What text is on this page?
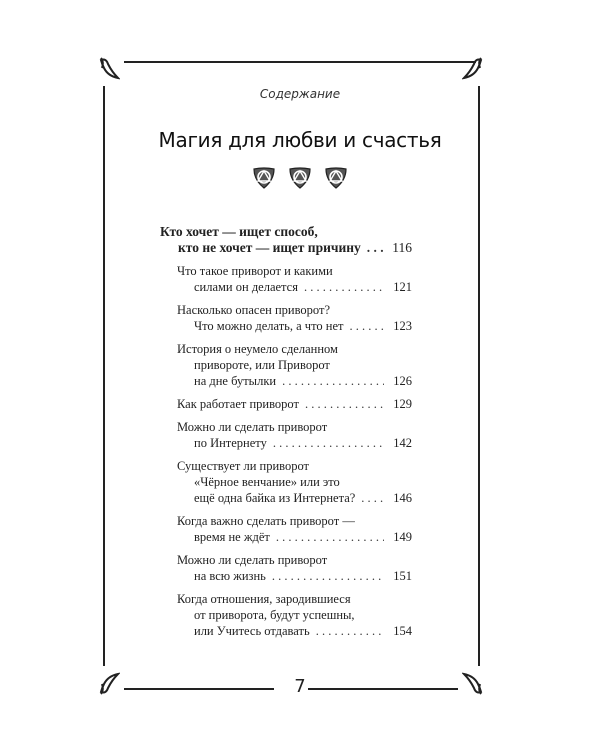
Содержание
Магия для любви и счастья
Кто хочет — ищет способ,
кто не хочет — ищет причину . . . 116
Что такое приворот и какими
силами он делается . . .	121
Насколько опасен приворот?
Что можно делать, а что нет . . .	123
История о неумело сделанном
привороте, или Приворот
на дне бутылки . . .	126
Как работает приворот . . .	129
Можно ли сделать приворот
по Интернету . . .	142
Существует ли приворот
«Чёрное венчание» или это
ещё одна байка из Интернета? . . .	146
Когда важно сделать приворот —
время не ждёт . . .	149
Можно ли сделать приворот
на всю жизнь . . .	151
Когда отношения, зародившиеся
от приворота, будут успешны,
или Учитесь отдавать . . .	154
7
